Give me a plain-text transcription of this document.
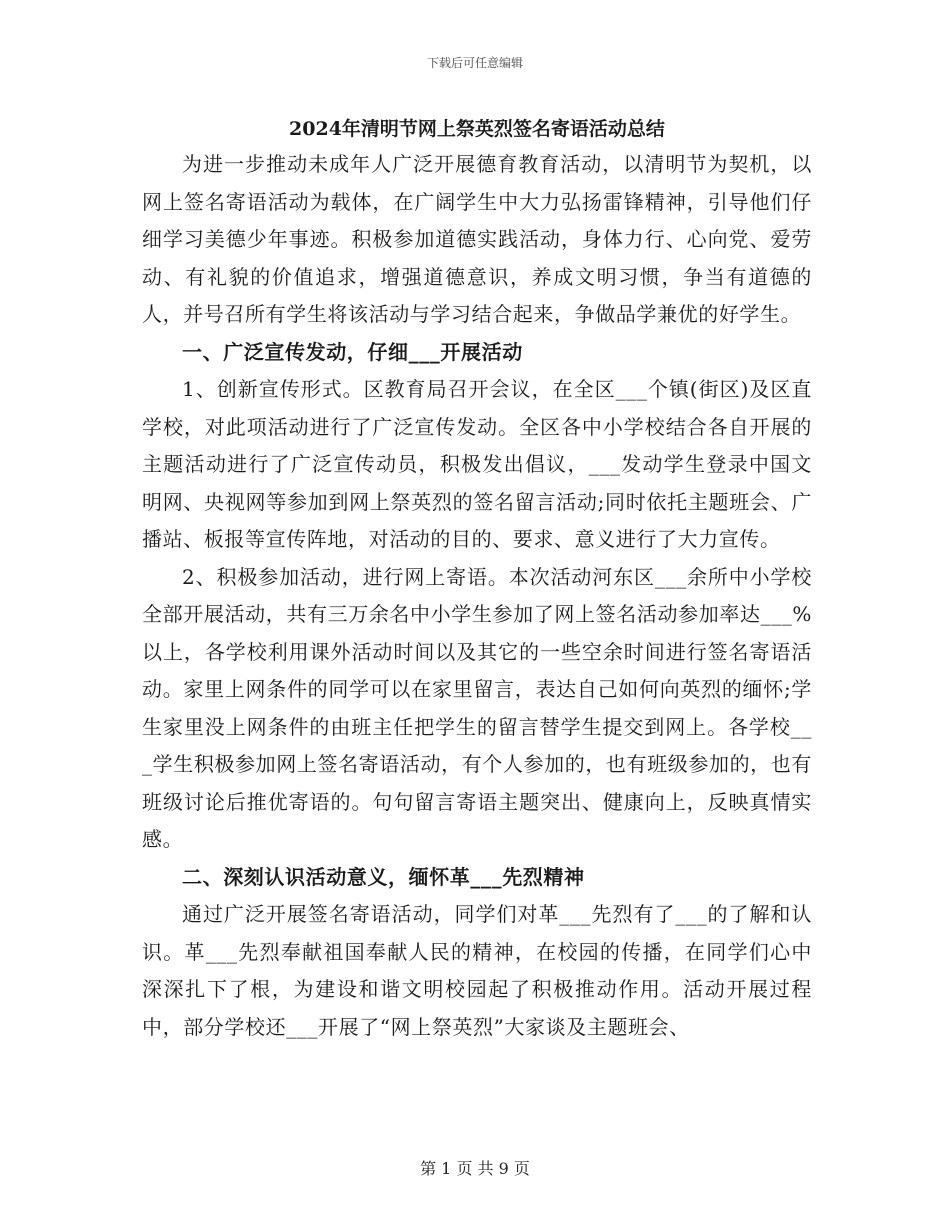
下载后可任意编辑
2024年清明节网上祭英烈签名寄语活动总结

为进一步推动未成年人广泛开展德育教育活动，以清明节为契机，以网上签名寄语活动为载体，在广阔学生中大力弘扬雷锋精神，引导他们仔细学习美德少年事迹。积极参加道德实践活动，身体力行、心向党、爱劳动、有礼貌的价值追求，增强道德意识，养成文明习惯，争当有道德的人，并号召所有学生将该活动与学习结合起来，争做品学兼优的好学生。

一、广泛宣传发动，仔细___开展活动

1、创新宣传形式。区教育局召开会议，在全区___个镇(街区)及区直学校，对此项活动进行了广泛宣传发动。全区各中小学校结合各自开展的主题活动进行了广泛宣传动员，积极发出倡议，___发动学生登录中国文明网、央视网等参加到网上祭英烈的签名留言活动;同时依托主题班会、广播站、板报等宣传阵地，对活动的目的、要求、意义进行了大力宣传。

2、积极参加活动，进行网上寄语。本次活动河东区___余所中小学校全部开展活动，共有三万余名中小学生参加了网上签名活动参加率达___%以上，各学校利用课外活动时间以及其它的一些空余时间进行签名寄语活动。家里上网条件的同学可以在家里留言，表达自己如何向英烈的缅怀;学生家里没上网条件的由班主任把学生的留言替学生提交到网上。各学校___学生积极参加网上签名寄语活动，有个人参加的，也有班级参加的，也有班级讨论后推优寄语的。句句留言寄语主题突出、健康向上，反映真情实感。

二、深刻认识活动意义，缅怀革___先烈精神

通过广泛开展签名寄语活动，同学们对革___先烈有了___的了解和认识。革___先烈奉献祖国奉献人民的精神，在校园的传播，在同学们心中深深扎下了根，为建设和谐文明校园起了积极推动作用。活动开展过程中，部分学校还___开展了“网上祭英烈”大家谈及主题班会、

第 1 页 共 9 页
